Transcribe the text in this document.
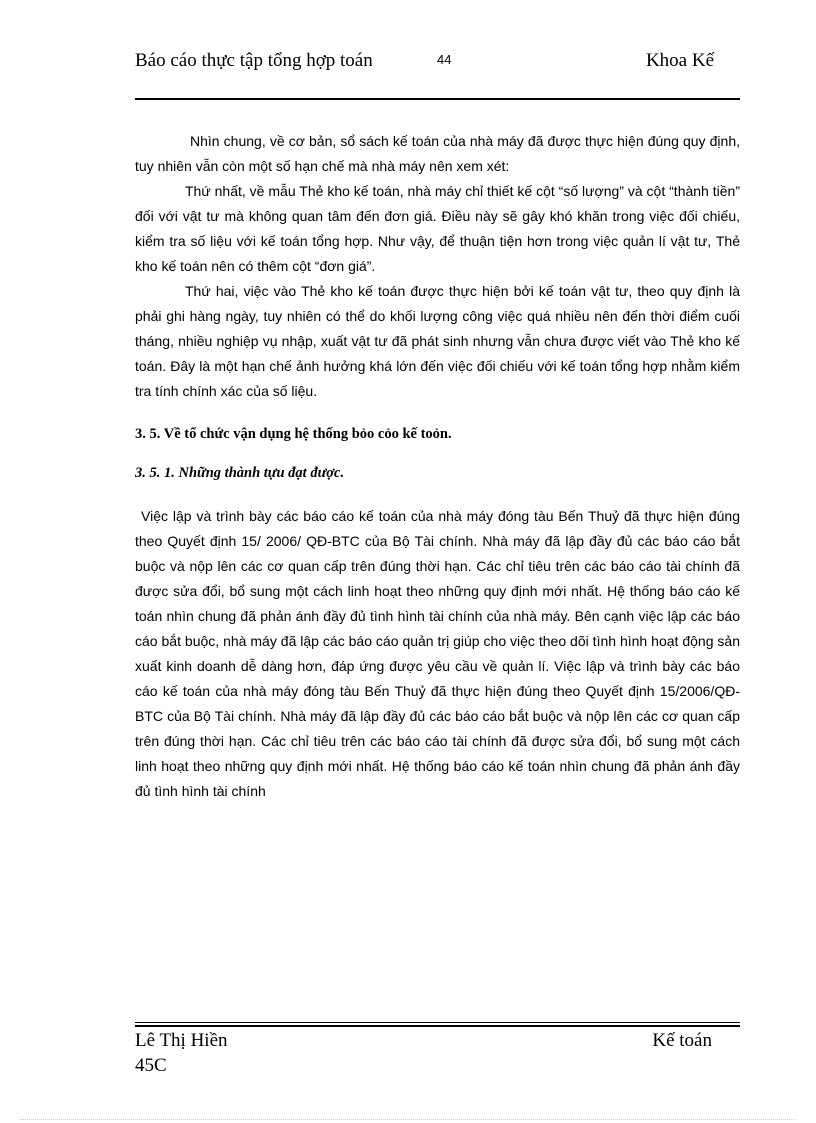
Báo cáo thực tập tổng hợp toán	44	Khoa Kế

Nhìn chung, về cơ bản, sổ sách kế toán của nhà máy đã được thực hiện đúng quy định, tuy nhiên vẫn còn một số hạn chế mà nhà máy nên xem xét:

Thứ nhất, về mẫu Thẻ kho kế toán, nhà máy chỉ thiết kế cột “số lượng” và cột “thành tiền” đối với vật tư mà không quan tâm đến đơn giá. Điều này sẽ gây khó khăn trong việc đối chiếu, kiểm tra số liệu với kế toán tổng hợp. Như vậy, để thuận tiện hơn trong việc quản lí vật tư, Thẻ kho kế toán nên có thêm cột “đơn giá”.

Thứ hai, việc vào Thẻ kho kế toán được thực hiện bởi kế toán vật tư, theo quy định là phải ghi hàng ngày, tuy nhiên có thể do khối lượng công việc quá nhiều nên đến thời điểm cuối tháng, nhiều nghiệp vụ nhập, xuất vật tư đã phát sinh nhưng vẫn chưa được viết vào Thẻ kho kế toán. Đây là một hạn chế ảnh hưởng khá lớn đến việc đối chiếu với kế toán tổng hợp nhằm kiểm tra tính chính xác của số liệu.

3. 5. Về tổ chức vận dụng hệ thống bỏo cỏo kế toỏn.

3. 5. 1. Những thành tựu đạt được.

Việc lập và trình bày các báo cáo kế toán của nhà máy đóng tàu Bến Thuỷ đã thực hiện đúng theo Quyết định 15/ 2006/ QĐ-BTC của Bộ Tài chính. Nhà máy đã lập đầy đủ các báo cáo bắt buộc và nộp lên các cơ quan cấp trên đúng thời hạn. Các chỉ tiêu trên các báo cáo tài chính đã được sửa đổi, bổ sung một cách linh hoạt theo những quy định mới nhất. Hệ thống báo cáo kế toán nhìn chung đã phản ánh đầy đủ tình hình tài chính của nhà máy. Bên cạnh việc lập các báo cáo bắt buộc, nhà máy đã lập các báo cáo quản trị giúp cho việc theo dõi tình hình hoạt động sản xuất kinh doanh dễ dàng hơn, đáp ứng được yêu cầu về quản lí. Việc lập và trình bày các báo cáo kế toán của nhà máy đóng tàu Bến Thuỷ đã thực hiện đúng theo Quyết định 15/2006/QĐ-BTC của Bộ Tài chính. Nhà máy đã lập đầy đủ các báo cáo bắt buộc và nộp lên các cơ quan cấp trên đúng thời hạn. Các chỉ tiêu trên các báo cáo tài chính đã được sửa đổi, bổ sung một cách linh hoạt theo những quy định mới nhất. Hệ thống báo cáo kế toán nhìn chung đã phản ánh đầy đủ tình hình tài chính

Lê Thị Hiền 45C
Kế toán
